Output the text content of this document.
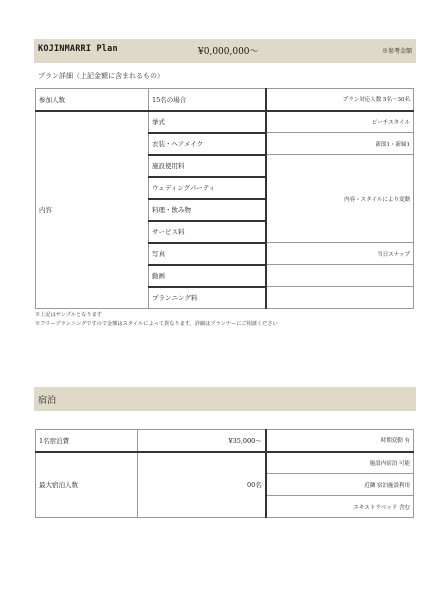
KOJINMARRI Plan	¥0,000,000〜	※参考金額
プラン詳細（上記金額に含まれるもの）
参加人数	15名の場合	プラン対応人数 5名〜30名
内容	挙式	ビーチスタイル
	衣装・ヘアメイク	新郎1・新婦1
	施設使用料	内容・スタイルにより変動
	ウェディングパーティ	
	料理・飲み物	
	サービス料	
	写真	当日スナップ
	動画	
	プランニング料	
※上記はサンプルとなります
※フリープランニングですので金額はスタイルによって異なります。詳細はプランナーにご相談ください
宿泊
1名宿泊費	¥35,000〜	時期変動 有
最大宿泊人数	00名	施設内宿泊 可能
		近隣 宿泊施設利用
		エキストラベッド 含む
